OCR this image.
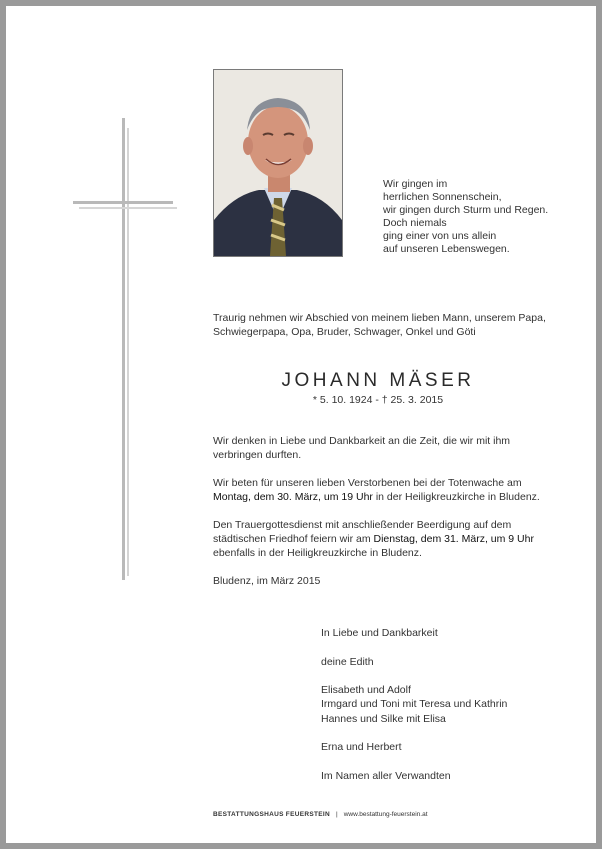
Wir gingen im
herrlichen Sonnenschein,
wir gingen durch Sturm und Regen.
Doch niemals
ging einer von uns allein
auf unseren Lebenswegen.
Traurig nehmen wir Abschied von meinem lieben Mann, unserem Papa, Schwiegerpapa, Opa, Bruder, Schwager, Onkel und Göti
JOHANN MÄSER
* 5. 10. 1924 - † 25. 3. 2015

Wir denken in Liebe und Dankbarkeit an die Zeit, die wir mit ihm verbringen durften.

Wir beten für unseren lieben Verstorbenen bei der Totenwache am Montag, dem 30. März, um 19 Uhr in der Heiligkreuzkirche in Bludenz.

Den Trauergottesdienst mit anschließender Beerdigung auf dem städtischen Friedhof feiern wir am Dienstag, dem 31. März, um 9 Uhr ebenfalls in der Heiligkreuzkirche in Bludenz.

Bludenz, im März 2015

In Liebe und Dankbarkeit
deine Edith
Elisabeth und Adolf
Irmgard und Toni mit Teresa und Kathrin
Hannes und Silke mit Elisa
Erna und Herbert
Im Namen aller Verwandten
BESTATTUNGSHAUS FEUERSTEIN | www.bestattung-feuerstein.at
